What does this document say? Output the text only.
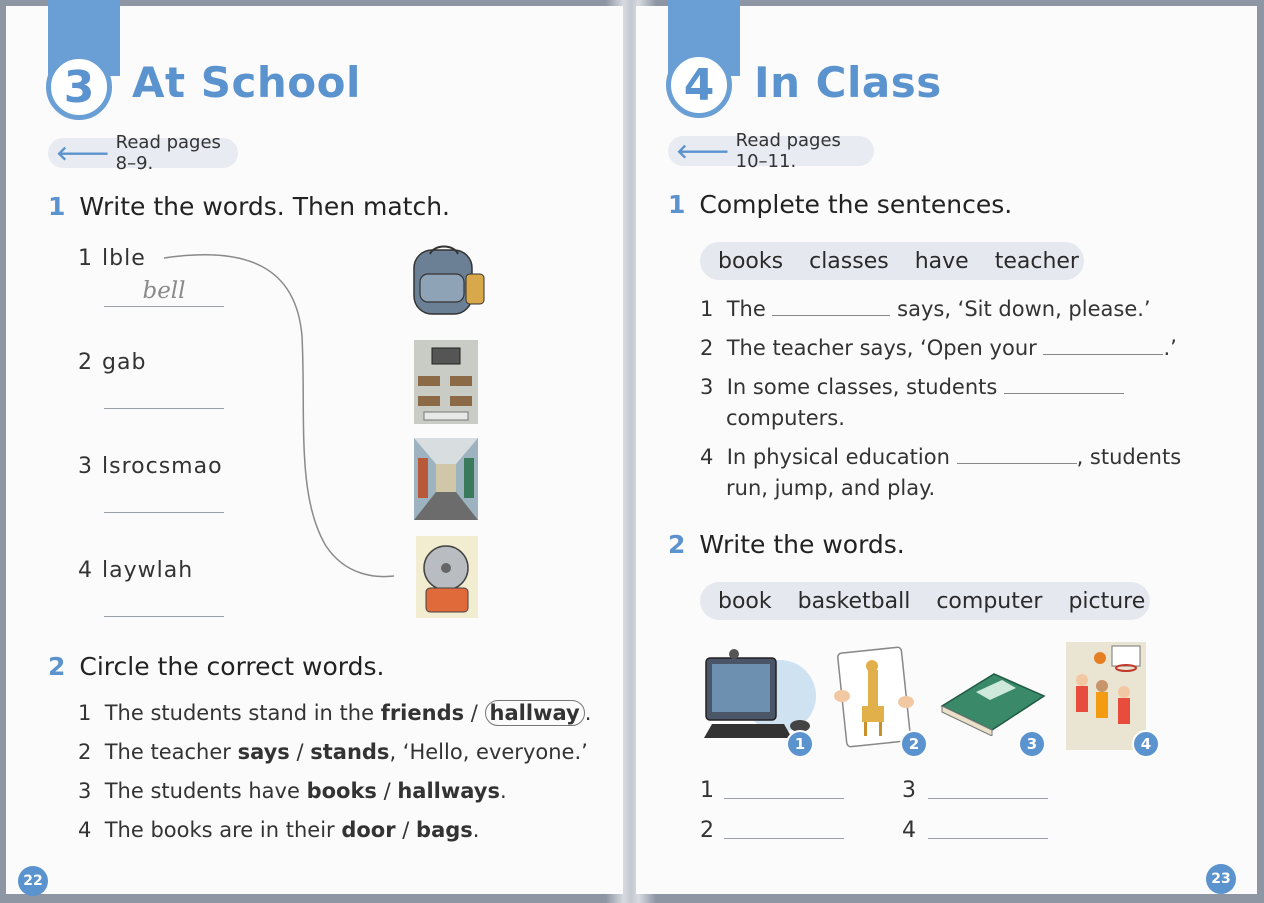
3 At School
🡐 Read pages 8–9.
1 Write the words. Then match.
1 lble
bell
2 gab
3 lsrocsmao
4 laywlah
2 Circle the correct words.
1 The students stand in the friends / hallway .
2 The teacher says / stands, ‘Hello, everyone.’
3 The students have books / hallways.
4 The books are in their door / bags.
22
4 In Class
🡐 Read pages 10–11.
1 Complete the sentences.
books classes have teacher
1 The	says, ‘Sit down, please.’
2 The teacher says, ‘Open your	.’
3 In some classes, students
computers.
4 In physical education	, students
run, jump, and play.
2 Write the words.
book basketball computer picture
1	2	3	4
1	3
2	4
23
